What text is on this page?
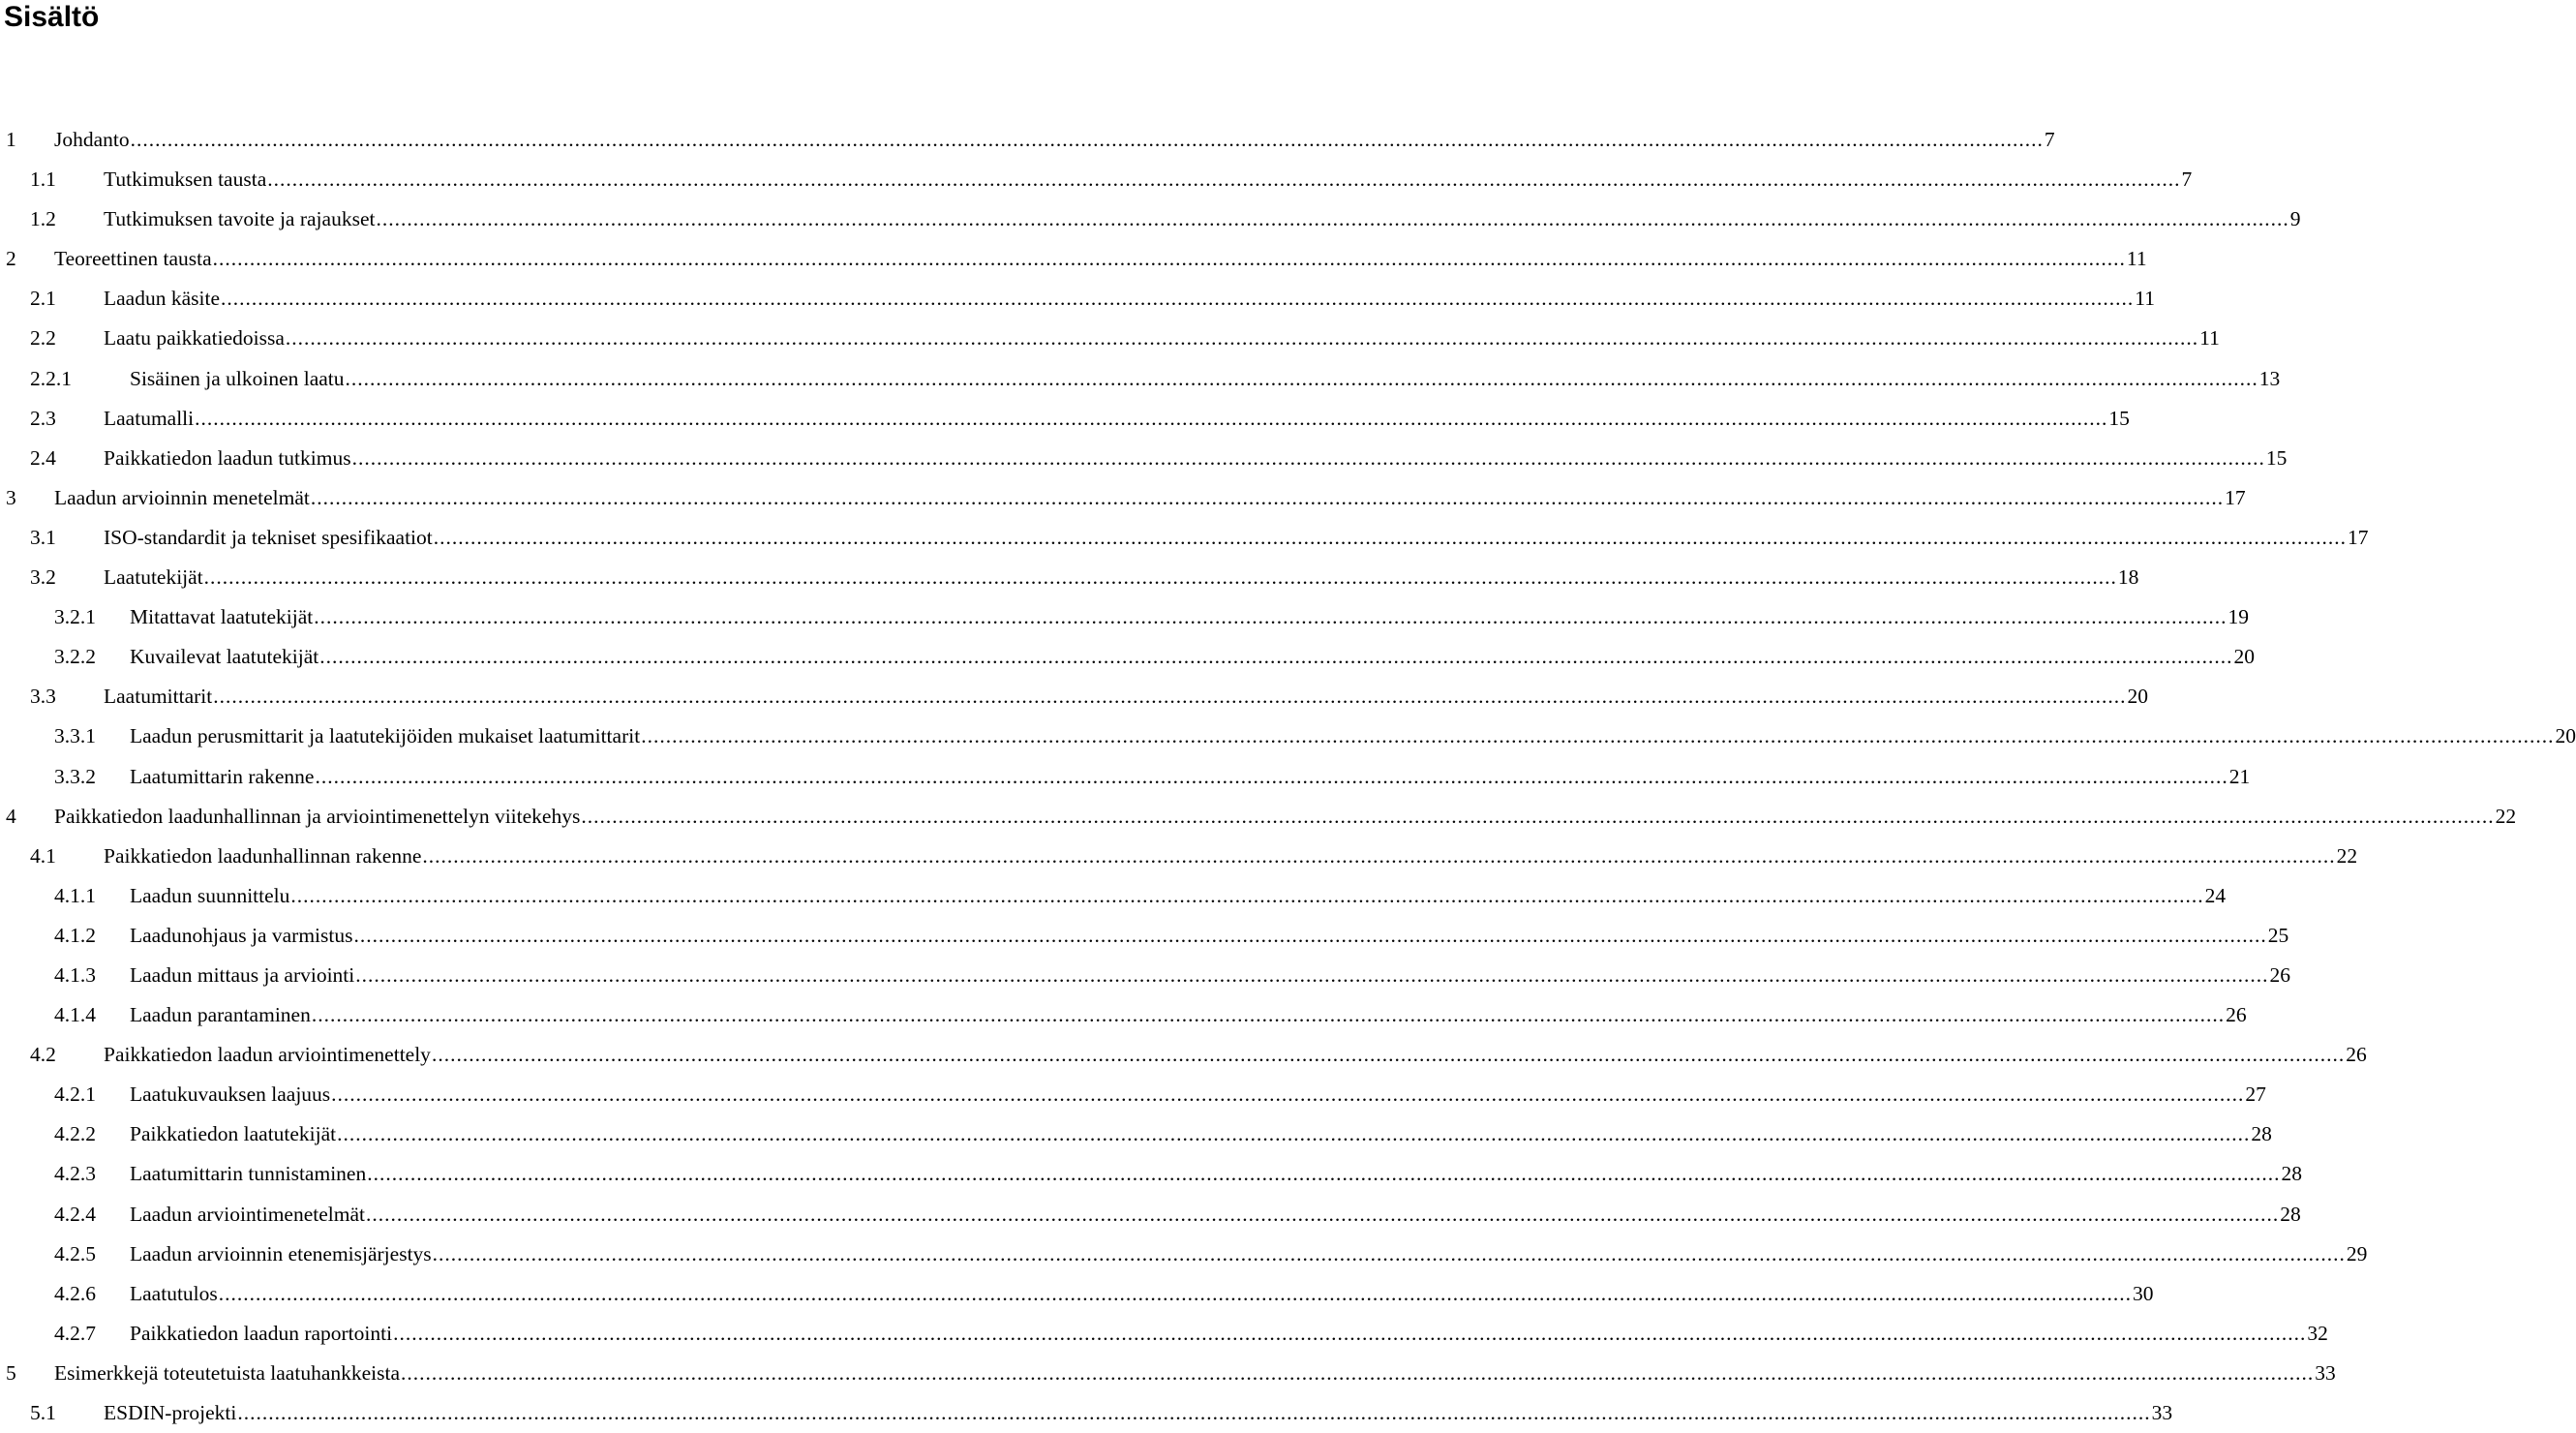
Sisältö
1 Johdanto .....	7
1.1 Tutkimuksen tausta .....	7
1.2 Tutkimuksen tavoite ja rajaukset .....	9
2 Teoreettinen tausta .....	11
2.1 Laadun käsite .....	11
2.2 Laatu paikkatiedoissa .....	11
2.2.1	Sisäinen ja ulkoinen laatu .....	13
2.3 Laatumalli .....	15
2.4 Paikkatiedon laadun tutkimus .....	15
3 Laadun arvioinnin menetelmät .....	17
3.1 ISO-standardit ja tekniset spesifikaatiot .....	17
3.2 Laatutekijät .....	18
3.2.1 Mitattavat laatutekijät .....	19
3.2.2 Kuvailevat laatutekijät .....	20
3.3 Laatumittarit .....	20
3.3.1 Laadun perusmittarit ja laatutekijöiden mukaiset laatumittarit .....	20
3.3.2 Laatumittarin rakenne .....	21
4 Paikkatiedon laadunhallinnan ja arviointimenettelyn viitekehys .....	22
4.1 Paikkatiedon laadunhallinnan rakenne .....	22
4.1.1 Laadun suunnittelu .....	24
4.1.2 Laadunohjaus ja varmistus .....	25
4.1.3 Laadun mittaus ja arviointi .....	26
4.1.4 Laadun parantaminen .....	26
4.2 Paikkatiedon laadun arviointimenettely .....	26
4.2.1 Laatukuvauksen laajuus .....	27
4.2.2 Paikkatiedon laatutekijät .....	28
4.2.3 Laatumittarin tunnistaminen .....	28
4.2.4 Laadun arviointimenetelmät .....	28
4.2.5 Laadun arvioinnin etenemisjärjestys .....	29
4.2.6 Laatutulos .....	30
4.2.7 Paikkatiedon laadun raportointi .....	32
5 Esimerkkejä toteutetuista laatuhankkeista .....	33
5.1 ESDIN-projekti .....	33
